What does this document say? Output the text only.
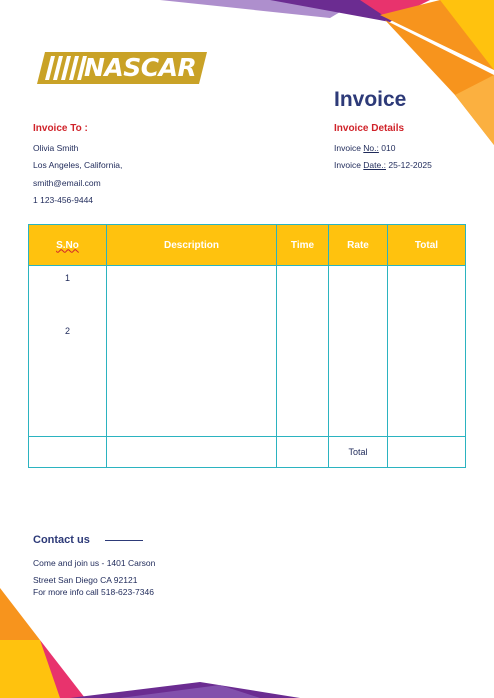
NASCAR
Invoice
Invoice To :
Olivia Smith
Los Angeles, California,
smith@email.com
1 123-456-9444
Invoice Details
Invoice No.: 010
Invoice Date.: 25-12-2025
S.No	Description	Time	Rate	Total

1
2				

			Total	
Contact us
Come and join us - 1401 Carson
Street San Diego CA 92121
For more info call 518-623-7346
